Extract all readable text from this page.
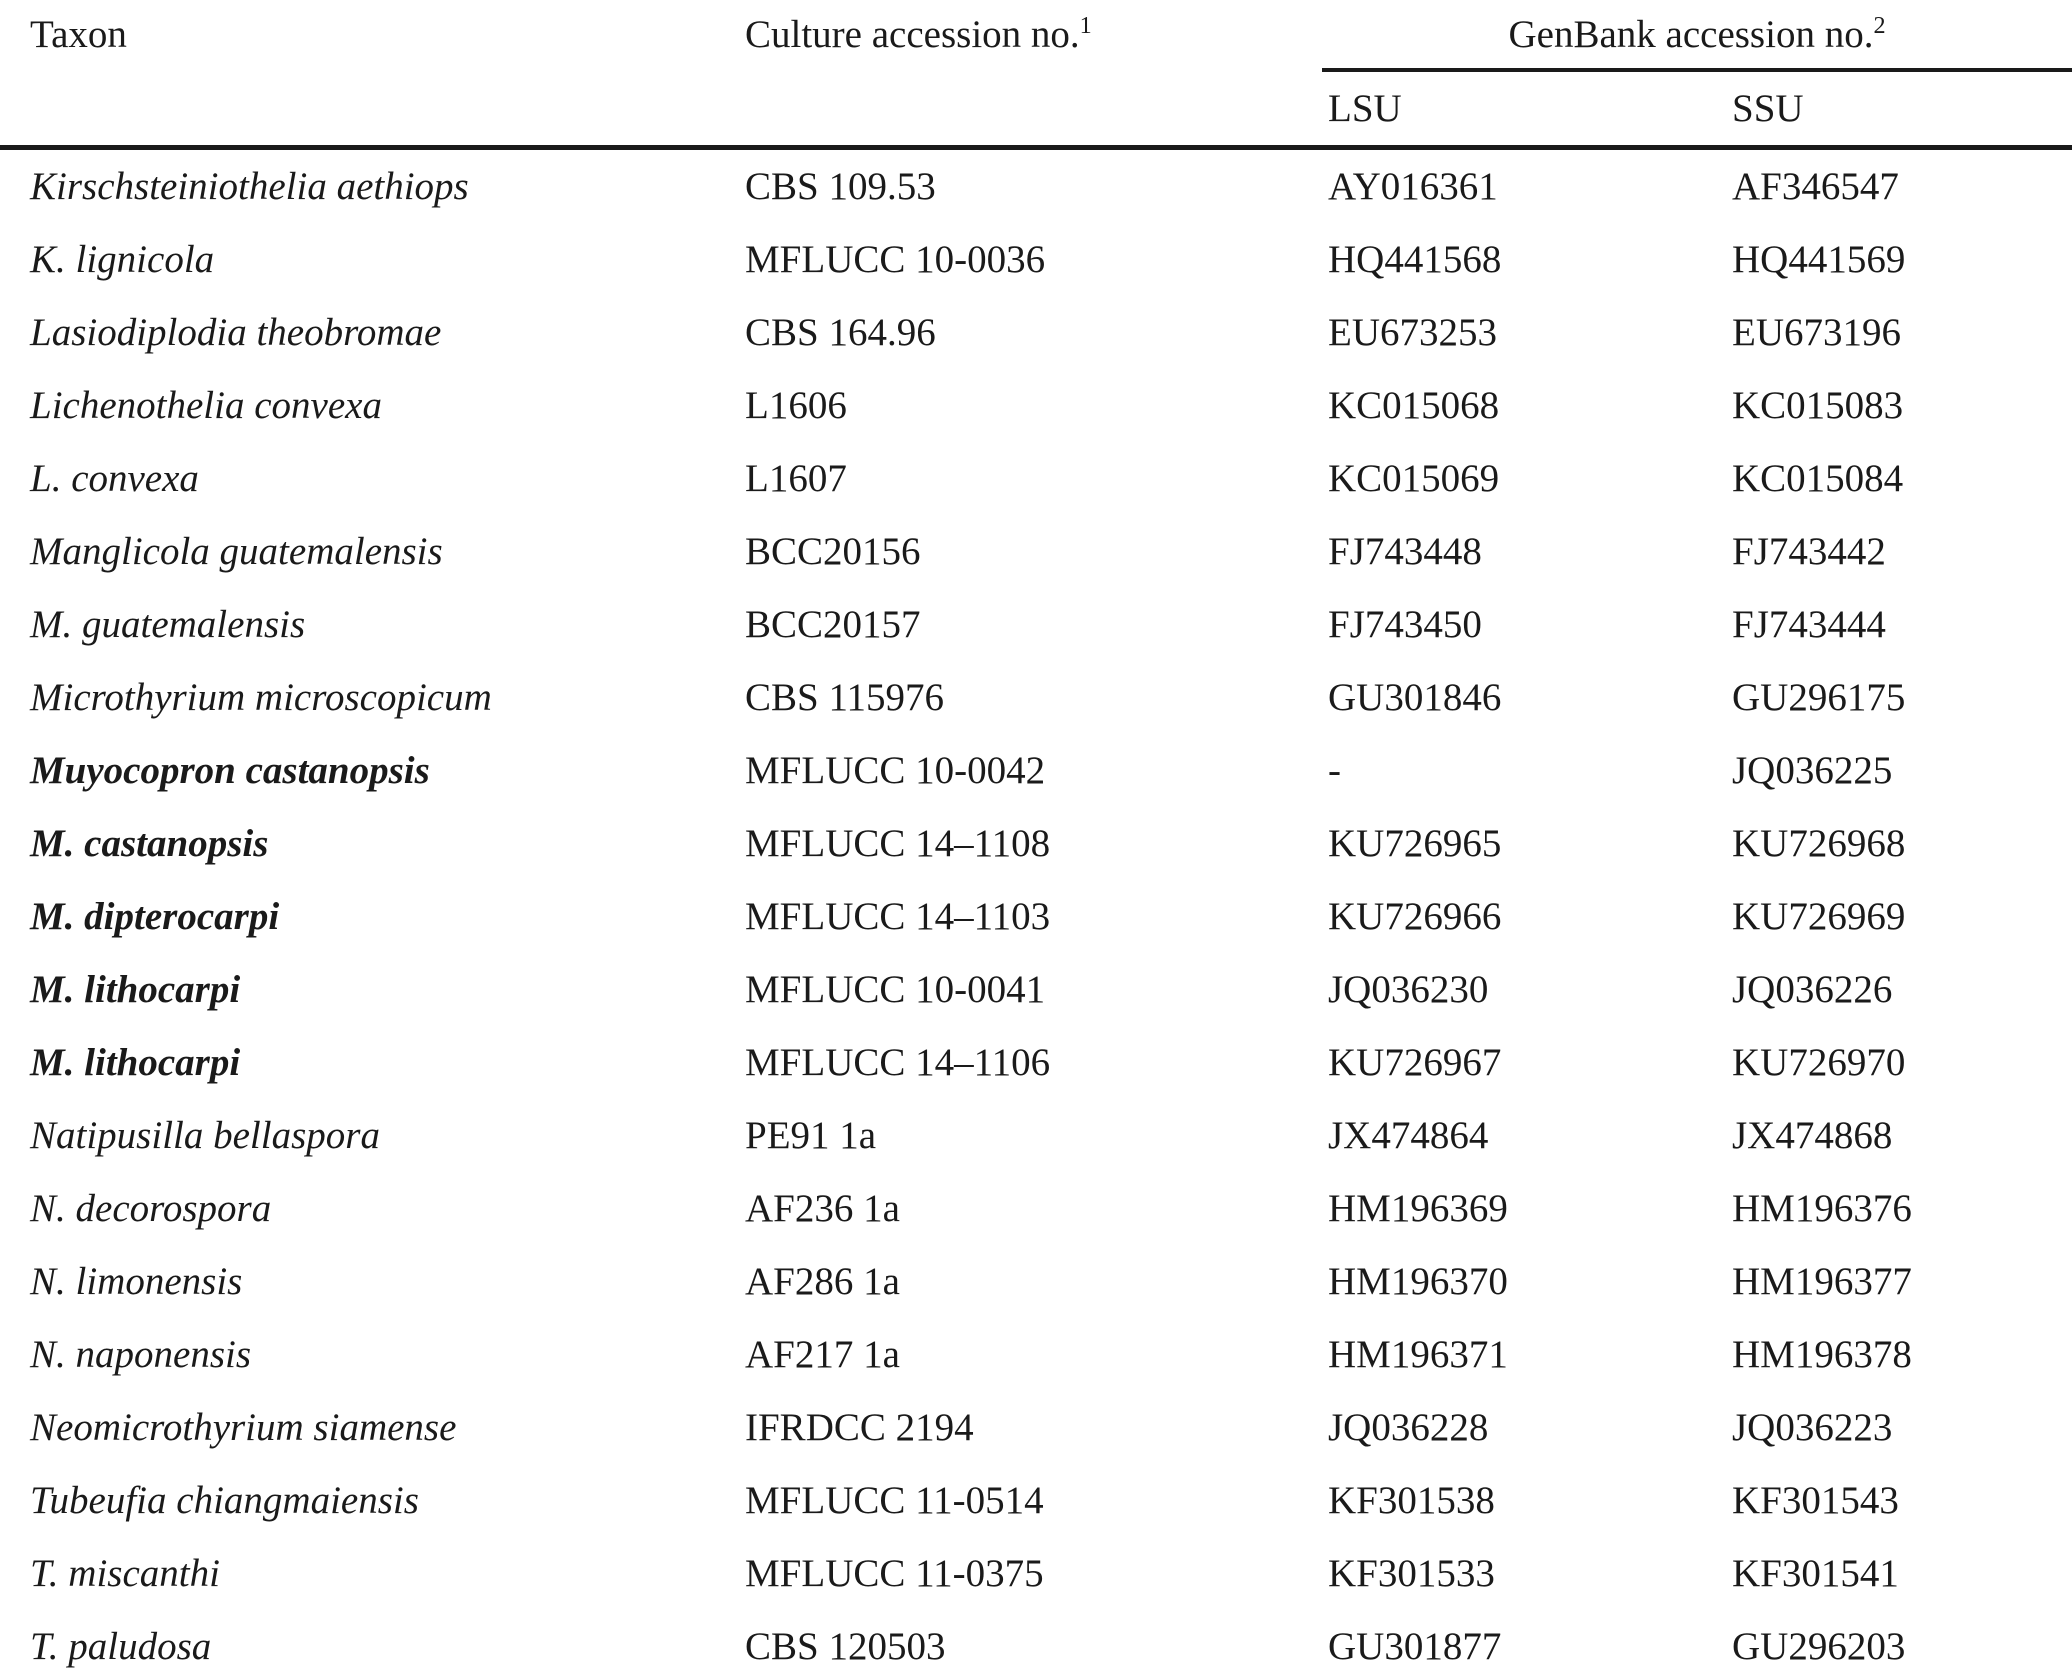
Taxon	Culture accession no.$^1$	GenBank accession no.$^2$
		LSU	SSU
Kirschsteiniothelia aethiops	CBS 109.53	AY016361	AF346547
K. lignicola	MFLUCC 10-0036	HQ441568	HQ441569
Lasiodiplodia theobromae	CBS 164.96	EU673253	EU673196
Lichenothelia convexa	L1606	KC015068	KC015083
L. convexa	L1607	KC015069	KC015084
Manglicola guatemalensis	BCC20156	FJ743448	FJ743442
M. guatemalensis	BCC20157	FJ743450	FJ743444
Microthyrium microscopicum	CBS 115976	GU301846	GU296175
Muyocopron castanopsis	MFLUCC 10-0042	-	JQ036225
M. castanopsis	MFLUCC 14–1108	KU726965	KU726968
M. dipterocarpi	MFLUCC 14–1103	KU726966	KU726969
M. lithocarpi	MFLUCC 10-0041	JQ036230	JQ036226
M. lithocarpi	MFLUCC 14–1106	KU726967	KU726970
Natipusilla bellaspora	PE91 1a	JX474864	JX474868
N. decorospora	AF236 1a	HM196369	HM196376
N. limonensis	AF286 1a	HM196370	HM196377
N. naponensis	AF217 1a	HM196371	HM196378
Neomicrothyrium siamense	IFRDCC 2194	JQ036228	JQ036223
Tubeufia chiangmaiensis	MFLUCC 11-0514	KF301538	KF301543
T. miscanthi	MFLUCC 11-0375	KF301533	KF301541
T. paludosa	CBS 120503	GU301877	GU296203
